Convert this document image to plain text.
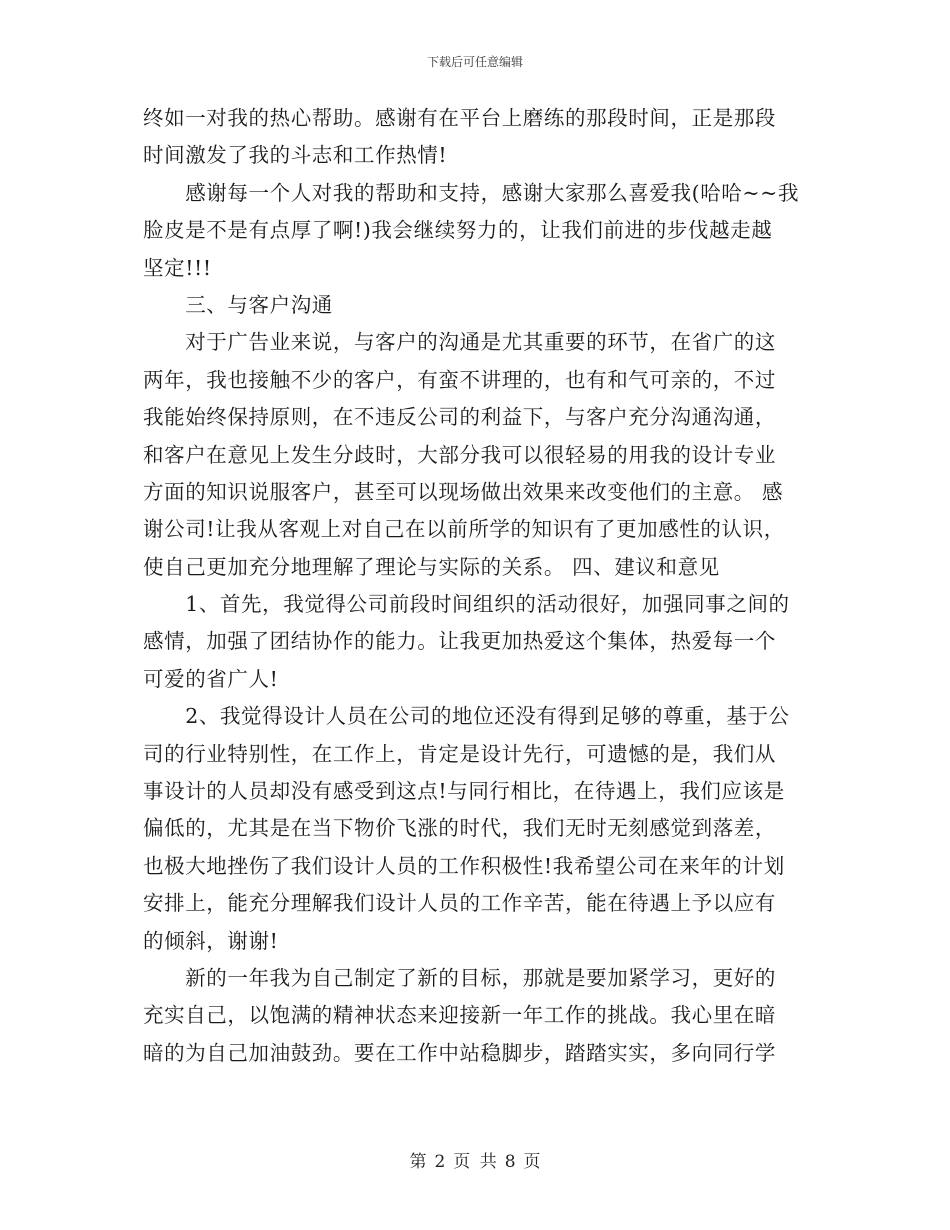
下载后可任意编辑

终如一对我的热心帮助。感谢有在平台上磨练的那段时间，正是那段
时间激发了我的斗志和工作热情!
　　感谢每一个人对我的帮助和支持，感谢大家那么喜爱我(哈哈~~我
脸皮是不是有点厚了啊!)我会继续努力的，让我们前进的步伐越走越
坚定!!!
　　三、与客户沟通
　　对于广告业来说，与客户的沟通是尤其重要的环节，在省广的这
两年，我也接触不少的客户，有蛮不讲理的，也有和气可亲的，不过
我能始终保持原则，在不违反公司的利益下，与客户充分沟通沟通，
和客户在意见上发生分歧时，大部分我可以很轻易的用我的设计专业
方面的知识说服客户，甚至可以现场做出效果来改变他们的主意。 感
谢公司!让我从客观上对自己在以前所学的知识有了更加感性的认识，
使自己更加充分地理解了理论与实际的关系。 四、建议和意见
　　1、首先，我觉得公司前段时间组织的活动很好，加强同事之间的
感情，加强了团结协作的能力。让我更加热爱这个集体，热爱每一个
可爱的省广人!
　　2、我觉得设计人员在公司的地位还没有得到足够的尊重，基于公
司的行业特别性，在工作上，肯定是设计先行，可遗憾的是，我们从
事设计的人员却没有感受到这点!与同行相比，在待遇上，我们应该是
偏低的，尤其是在当下物价飞涨的时代，我们无时无刻感觉到落差，
也极大地挫伤了我们设计人员的工作积极性!我希望公司在来年的计划
安排上，能充分理解我们设计人员的工作辛苦，能在待遇上予以应有
的倾斜，谢谢!
　　新的一年我为自己制定了新的目标，那就是要加紧学习，更好的
充实自己，以饱满的精神状态来迎接新一年工作的挑战。我心里在暗
暗的为自己加油鼓劲。要在工作中站稳脚步，踏踏实实，多向同行学

第 2 页 共 8 页
